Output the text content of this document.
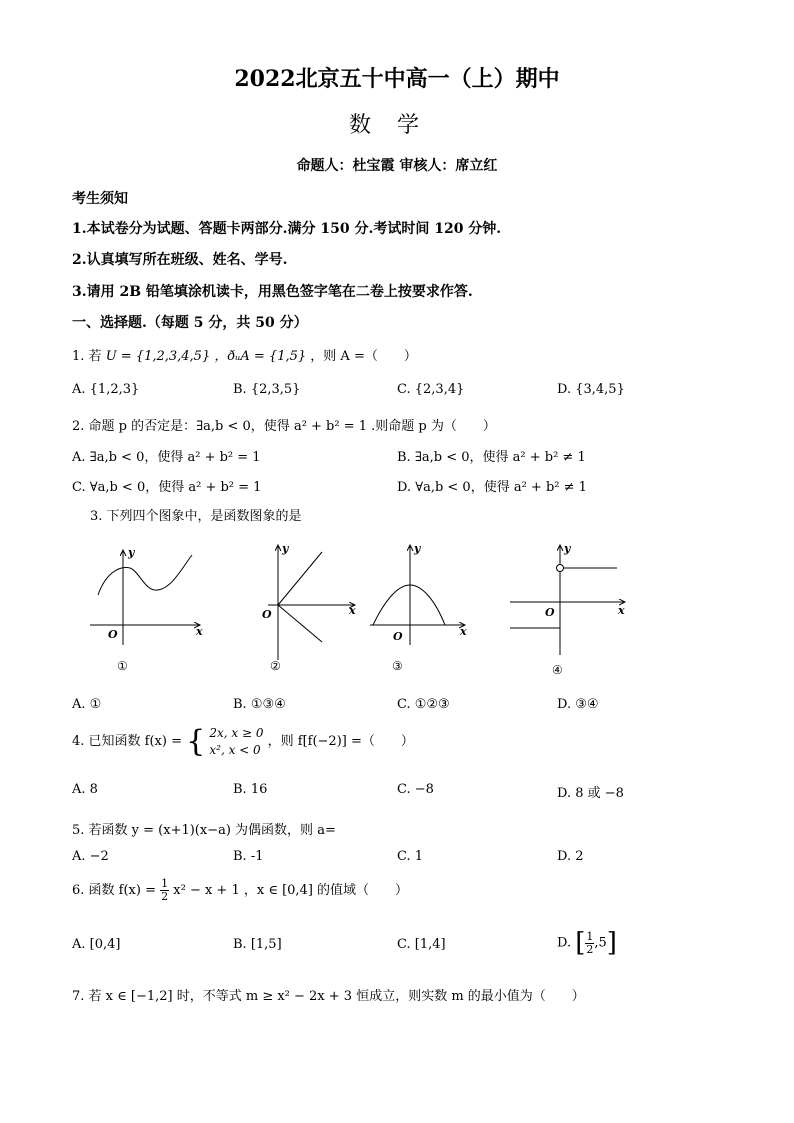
2022北京五十中高一（上）期中
数学
命题人：杜宝霞 审核人：席立红
考生须知
1.本试卷分为试题、答题卡两部分.满分 150 分.考试时间 120 分钟.
2.认真填写所在班级、姓名、学号.
3.请用 2B 铅笔填涂机读卡，用黑色签字笔在二卷上按要求作答.
一、选择题.（每题 5 分，共 50 分）
1. 若 U = {1,2,3,4,5} ，ðᵤA = {1,5} ，则 A =（　　）
A. {1,2,3}	B. {2,3,5}	C. {2,3,4}	D. {3,4,5}
2. 命题 p 的否定是：∃a,b < 0，使得 a² + b² = 1 .则命题 p 为（　　）
A. ∃a,b < 0，使得 a² + b² = 1	B. ∃a,b < 0，使得 a² + b² ≠ 1
C. ∀a,b < 0，使得 a² + b² = 1	D. ∀a,b < 0，使得 a² + b² ≠ 1
3. 下列四个图象中，是函数图象的是
y
x
O
①
y
x
O
②
y
x
O
③
y
x
O
④
A. ①	B. ①③④	C. ①②③	D. ③④
4. 已知函数 f(x) = { 2x, x ≥ 0
x², x < 0
，则 f[f(−2)] =（　　）
A. 8	B. 16	C. −8	D. 8 或 −8
5. 若函数 y = (x+1)(x−a) 为偶函数，则 a=
A. −2	B. -1	C. 1	D. 2
6. 函数 $f(x) = \frac{1}{2} x^2 - x + 1$ ，x ∈ [0,4] 的值域（　　）
A. [0,4]	B. [1,5]	C. [1,4]	D. [ $\frac{1}{2} ,5$]
7. 若 x ∈ [−1,2] 时，不等式 m ≥ x² − 2x + 3 恒成立，则实数 m 的最小值为（　　）
